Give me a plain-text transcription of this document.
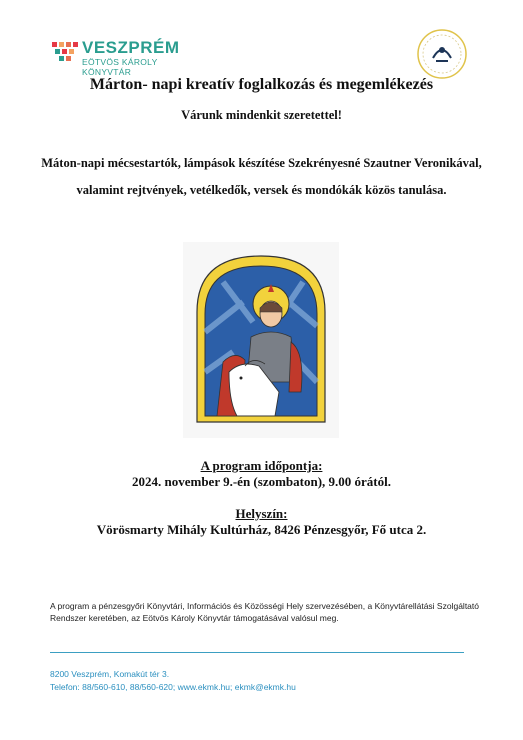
VESZPRÉM
EÖTVÖS KÁROLY KÖNYVTÁR
Márton- napi kreatív foglalkozás és megemlékezés
Várunk mindenkit szeretettel!
Máton-napi mécsestartók, lámpások készítése Szekrényesné Szautner Veronikával, valamint rejtvények, vetélkedők, versek és mondókák közös tanulása.
A program időpontja:
2024. november 9.-én (szombaton), 9.00 órától.
Helyszín:
Vörösmarty Mihály Kultúrház, 8426 Pénzesgyőr, Fő utca 2.
A program a pénzesgyőri Könyvtári, Információs és Közösségi Hely szervezésében, a Könyvtárellátási Szolgáltató Rendszer keretében, az Eötvös Károly Könyvtár támogatásával valósul meg.
8200 Veszprém, Komakút tér 3.
Telefon: 88/560-610, 88/560-620; www.ekmk.hu; ekmk@ekmk.hu
